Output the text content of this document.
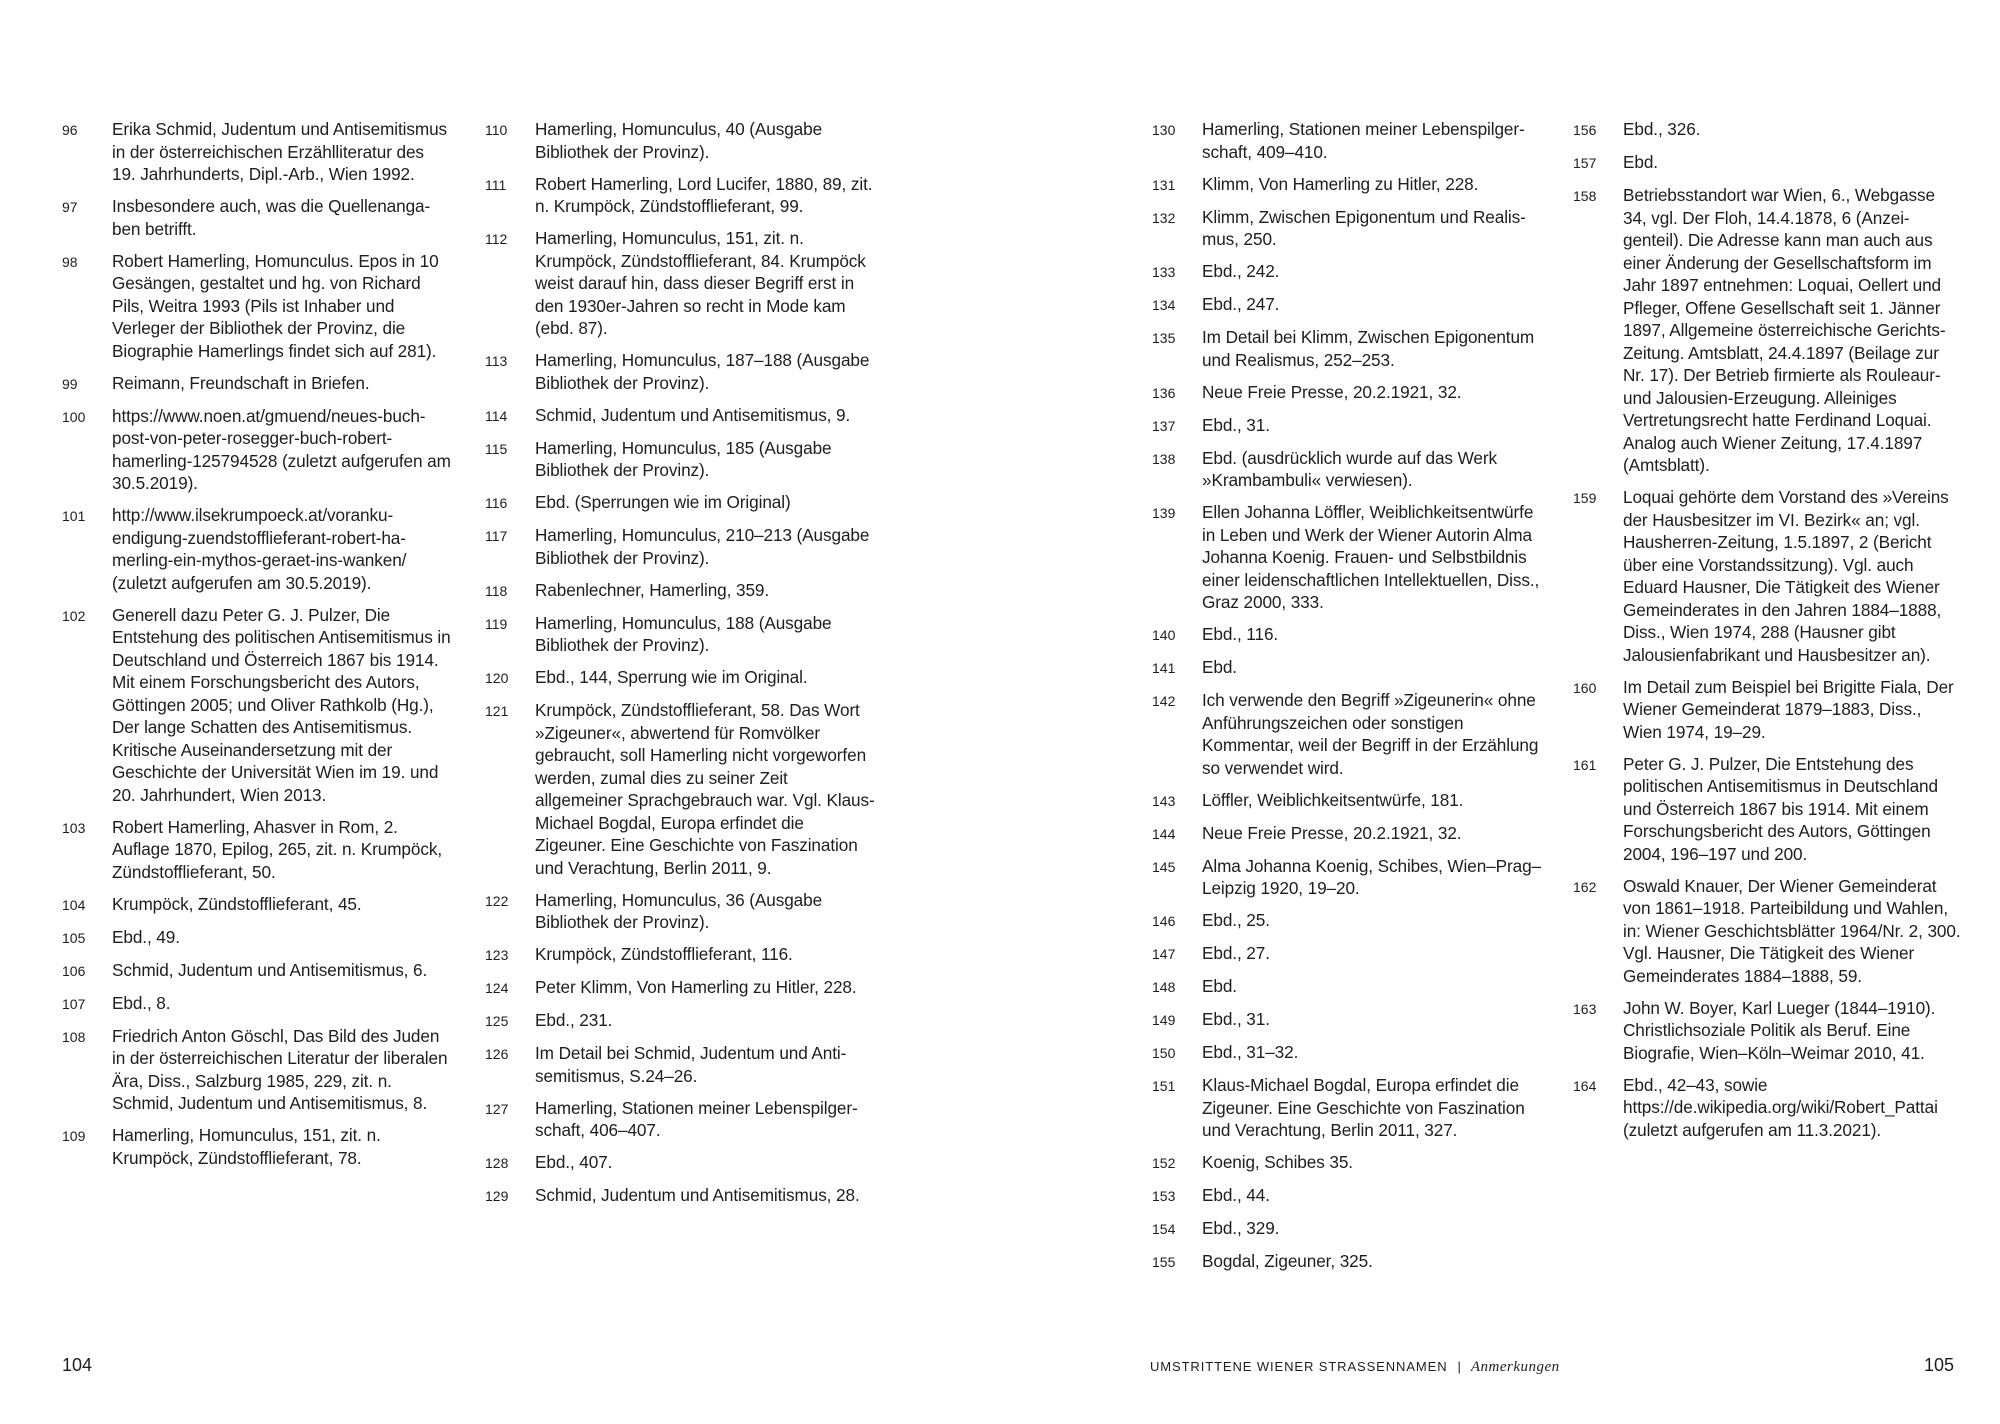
96	Erika Schmid, Judentum und Antisemitismus in der österreichischen Erzählliteratur des 19. Jahrhunderts, Dipl.-Arb., Wien 1992.
97	Insbesondere auch, was die Quellenangaben betrifft.
98	Robert Hamerling, Homunculus. Epos in 10 Gesängen, gestaltet und hg. von Richard Pils, Weitra 1993 (Pils ist Inhaber und Verleger der Bibliothek der Provinz, die Biographie Hamerlings findet sich auf 281).
99	Reimann, Freundschaft in Briefen.
100	https://www.noen.at/gmuend/neues-buch-post-von-peter-rosegger-buch-robert-hamerling-125794528 (zuletzt aufgerufen am 30.5.2019).
101	http://www.ilsekrumpoeck.at/vorankuendigung-zuendstofflieferant-robert-hamerling-ein-mythos-geraet-ins-wanken/ (zuletzt aufgerufen am 30.5.2019).
102	Generell dazu Peter G. J. Pulzer, Die Entstehung des politischen Antisemitismus in Deutschland und Österreich 1867 bis 1914. Mit einem Forschungsbericht des Autors, Göttingen 2005; und Oliver Rathkolb (Hg.), Der lange Schatten des Antisemitismus. Kritische Auseinandersetzung mit der Geschichte der Universität Wien im 19. und 20. Jahrhundert, Wien 2013.
103	Robert Hamerling, Ahasver in Rom, 2. Auflage 1870, Epilog, 265, zit. n. Krumpöck, Zündstofflieferant, 50.
104	Krumpöck, Zündstofflieferant, 45.
105	Ebd., 49.
106	Schmid, Judentum und Antisemitismus, 6.
107	Ebd., 8.
108	Friedrich Anton Göschl, Das Bild des Juden in der österreichischen Literatur der liberalen Ära, Diss., Salzburg 1985, 229, zit. n. Schmid, Judentum und Antisemitismus, 8.
109	Hamerling, Homunculus, 151, zit. n. Krumpöck, Zündstofflieferant, 78.
110	Hamerling, Homunculus, 40 (Ausgabe Bibliothek der Provinz).
111	Robert Hamerling, Lord Lucifer, 1880, 89, zit. n. Krumpöck, Zündstofflieferant, 99.
112	Hamerling, Homunculus, 151, zit. n. Krumpöck, Zündstofflieferant, 84. Krumpöck weist darauf hin, dass dieser Begriff erst in den 1930er-Jahren so recht in Mode kam (ebd. 87).
113	Hamerling, Homunculus, 187–188 (Ausgabe Bibliothek der Provinz).
114	Schmid, Judentum und Antisemitismus, 9.
115	Hamerling, Homunculus, 185 (Ausgabe Bibliothek der Provinz).
116	Ebd. (Sperrungen wie im Original)
117	Hamerling, Homunculus, 210–213 (Ausgabe Bibliothek der Provinz).
118	Rabenlechner, Hamerling, 359.
119	Hamerling, Homunculus, 188 (Ausgabe Bibliothek der Provinz).
120	Ebd., 144, Sperrung wie im Original.
121	Krumpöck, Zündstofflieferant, 58. Das Wort »Zigeuner«, abwertend für Romvölker gebraucht, soll Hamerling nicht vorgeworfen werden, zumal dies zu seiner Zeit allgemeiner Sprachgebrauch war. Vgl. Klaus-Michael Bogdal, Europa erfindet die Zigeuner. Eine Geschichte von Faszination und Verachtung, Berlin 2011, 9.
122	Hamerling, Homunculus, 36 (Ausgabe Bibliothek der Provinz).
123	Krumpöck, Zündstofflieferant, 116.
124	Peter Klimm, Von Hamerling zu Hitler, 228.
125	Ebd., 231.
126	Im Detail bei Schmid, Judentum und Antisemitismus, S.24–26.
127	Hamerling, Stationen meiner Lebenspilgerschaft, 406–407.
128	Ebd., 407.
129	Schmid, Judentum und Antisemitismus, 28.
130	Hamerling, Stationen meiner Lebenspilgerschaft, 409–410.
131	Klimm, Von Hamerling zu Hitler, 228.
132	Klimm, Zwischen Epigonentum und Realismus, 250.
133	Ebd., 242.
134	Ebd., 247.
135	Im Detail bei Klimm, Zwischen Epigonentum und Realismus, 252–253.
136	Neue Freie Presse, 20.2.1921, 32.
137	Ebd., 31.
138	Ebd. (ausdrücklich wurde auf das Werk »Krambambuli« verwiesen).
139	Ellen Johanna Löffler, Weiblichkeitsentwürfe in Leben und Werk der Wiener Autorin Alma Johanna Koenig. Frauen- und Selbstbildnis einer leidenschaftlichen Intellektuellen, Diss., Graz 2000, 333.
140	Ebd., 116.
141	Ebd.
142	Ich verwende den Begriff »Zigeunerin« ohne Anführungszeichen oder sonstigen Kommentar, weil der Begriff in der Erzählung so verwendet wird.
143	Löffler, Weiblichkeitsentwürfe, 181.
144	Neue Freie Presse, 20.2.1921, 32.
145	Alma Johanna Koenig, Schibes, Wien–Prag–Leipzig 1920, 19–20.
146	Ebd., 25.
147	Ebd., 27.
148	Ebd.
149	Ebd., 31.
150	Ebd., 31–32.
151	Klaus-Michael Bogdal, Europa erfindet die Zigeuner. Eine Geschichte von Faszination und Verachtung, Berlin 2011, 327.
152	Koenig, Schibes 35.
153	Ebd., 44.
154	Ebd., 329.
155	Bogdal, Zigeuner, 325.
156	Ebd., 326.
157	Ebd.
158	Betriebsstandort war Wien, 6., Webgasse 34, vgl. Der Floh, 14.4.1878, 6 (Anzeigenteil). Die Adresse kann man auch aus einer Änderung der Gesellschaftsform im Jahr 1897 entnehmen: Loquai, Oellert und Pfleger, Offene Gesellschaft seit 1. Jänner 1897, Allgemeine österreichische Gerichts-Zeitung. Amtsblatt, 24.4.1897 (Beilage zur Nr. 17). Der Betrieb firmierte als Rouleaur- und Jalousien-Erzeugung. Alleiniges Vertretungsrecht hatte Ferdinand Loquai. Analog auch Wiener Zeitung, 17.4.1897 (Amtsblatt).
159	Loquai gehörte dem Vorstand des »Vereins der Hausbesitzer im VI. Bezirk« an; vgl. Hausherren-Zeitung, 1.5.1897, 2 (Bericht über eine Vorstandssitzung). Vgl. auch Eduard Hausner, Die Tätigkeit des Wiener Gemeinderates in den Jahren 1884–1888, Diss., Wien 1974, 288 (Hausner gibt Jalousienfabrikant und Hausbesitzer an).
160	Im Detail zum Beispiel bei Brigitte Fiala, Der Wiener Gemeinderat 1879–1883, Diss., Wien 1974, 19–29.
161	Peter G. J. Pulzer, Die Entstehung des politischen Antisemitismus in Deutschland und Österreich 1867 bis 1914. Mit einem Forschungsbericht des Autors, Göttingen 2004, 196–197 und 200.
162	Oswald Knauer, Der Wiener Gemeinderat von 1861–1918. Parteibildung und Wahlen, in: Wiener Geschichtsblätter 1964/Nr. 2, 300. Vgl. Hausner, Die Tätigkeit des Wiener Gemeinderates 1884–1888, 59.
163	John W. Boyer, Karl Lueger (1844–1910). Christlichsoziale Politik als Beruf. Eine Biografie, Wien–Köln–Weimar 2010, 41.
164	Ebd., 42–43, sowie https://de.wikipedia.org/wiki/Robert_Pattai (zuletzt aufgerufen am 11.3.2021).
104	UMSTRITTENE WIENER STRASSENNAMEN | Anmerkungen	105
